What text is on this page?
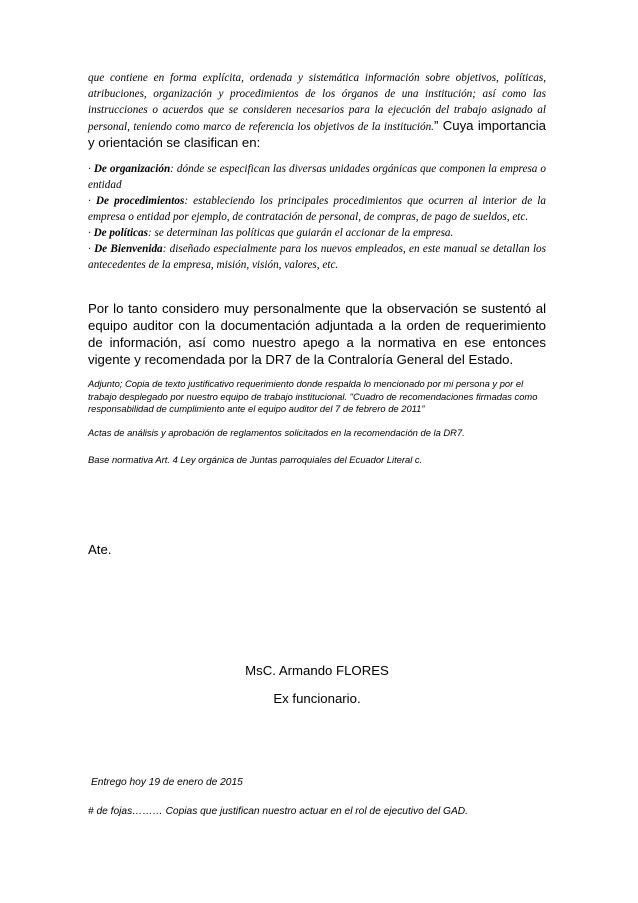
que contiene en forma explícita, ordenada y sistemática información sobre objetivos, políticas, atribuciones, organización y procedimientos de los órganos de una institución; así como las instrucciones o acuerdos que se consideren necesarios para la ejecución del trabajo asignado al personal, teniendo como marco de referencia los objetivos de la institución.” Cuya importancia y orientación se clasifican en:

· De organización: dónde se especifican las diversas unidades orgánicas que componen la empresa o entidad
· De procedimientos: estableciendo los principales procedimientos que ocurren al interior de la empresa o entidad por ejemplo, de contratación de personal, de compras, de pago de sueldos, etc.
· De políticas: se determinan las políticas que guiarán el accionar de la empresa.
· De Bienvenida: diseñado especialmente para los nuevos empleados, en este manual se detallan los antecedentes de la empresa, misión, visión, valores, etc.

Por lo tanto considero muy personalmente que la observación se sustentó al equipo auditor con la documentación adjuntada a la orden de requerimiento de información, así como nuestro apego a la normativa en ese entonces vigente y recomendada por la DR7 de la Contraloría General del Estado.

Adjunto; Copia de texto justificativo requerimiento donde respalda lo mencionado por mi persona y por el trabajo desplegado por nuestro equipo de trabajo institucional. "Cuadro de recomendaciones firmadas como responsabilidad de cumplimiento ante el equipo auditor del 7 de febrero de 2011”

Actas de análisis y aprobación de reglamentos solicitados en la recomendación de la DR7.

Base normativa Art. 4 Ley orgánica de Juntas parroquiales del Ecuador Literal c.

Ate.

MsC. Armando FLORES

Ex funcionario.

Entrego hoy 19 de enero de 2015

# de fojas……… Copias que justifican nuestro actuar en el rol de ejecutivo del GAD.
